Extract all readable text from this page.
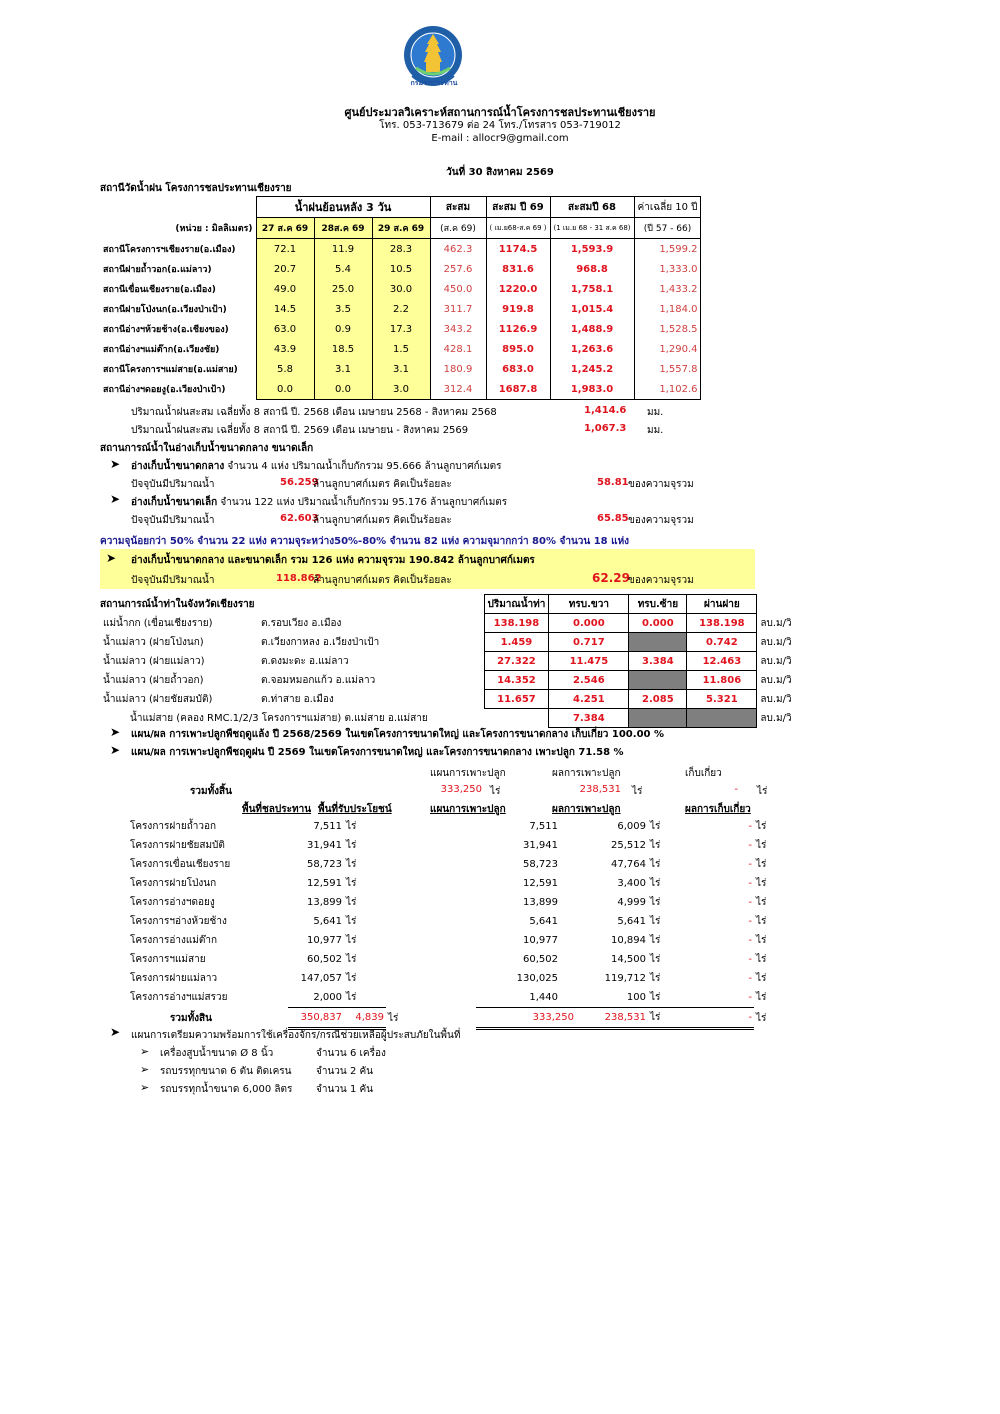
กรมชลประทาน
ศูนย์ประมวลวิเคราะห์สถานการณ์น้ำโครงการชลประทานเชียงราย
โทร. 053-713679 ต่อ 24 โทร./โทรสาร 053-719012
E-mail : allocr9@gmail.com
วันที่ 30 สิงหาคม 2569
สถานีวัดน้ำฝน โครงการชลประทานเชียงราย
	น้ำฝนย้อนหลัง 3 วัน			สะสม	สะสม ปี 69	สะสมปี 68	ค่าเฉลี่ย 10 ปี
(หน่วย : มิลลิเมตร)	27 ส.ค 69	28ส.ค 69	29 ส.ค 69	(ส.ค 69)	( เม.ย68-ส.ค 69 )	(1 เม.ย 68 - 31 ส.ค 68)	(ปี 57 - 66)
สถานีโครงการฯเชียงราย(อ.เมือง)	72.1	11.9	28.3	462.3	1174.5	1,593.9	1,599.2
สถานีฝายถ้ำวอก(อ.แม่ลาว)	20.7	5.4	10.5	257.6	831.6	968.8	1,333.0
สถานีเขื่อนเชียงราย(อ.เมือง)	49.0	25.0	30.0	450.0	1220.0	1,758.1	1,433.2
สถานีฝายโป่งนก(อ.เวียงป่าเป้า)	14.5	3.5	2.2	311.7	919.8	1,015.4	1,184.0
สถานีอ่างฯห้วยช้าง(อ.เชียงของ)	63.0	0.9	17.3	343.2	1126.9	1,488.9	1,528.5
สถานีอ่างฯแม่ต๊าก(อ.เวียงชัย)	43.9	18.5	1.5	428.1	895.0	1,263.6	1,290.4
สถานีโครงการฯแม่สาย(อ.แม่สาย)	5.8	3.1	3.1	180.9	683.0	1,245.2	1,557.8
สถานีอ่างฯดอยงู(อ.เวียงป่าเป้า)	0.0	0.0	3.0	312.4	1687.8	1,983.0	1,102.6
ปริมาณน้ำฝนสะสม เฉลี่ยทั้ง 8 สถานี ปี. 2568 เดือน เมษายน 2568 - สิงหาคม 2568	1,414.6 มม.
ปริมาณน้ำฝนสะสม เฉลี่ยทั้ง 8 สถานี ปี. 2569 เดือน เมษายน - สิงหาคม 2569	1,067.3 มม.
สถานการณ์น้ำในอ่างเก็บน้ำขนาดกลาง ขนาดเล็ก
➤ อ่างเก็บน้ำขนาดกลาง จำนวน 4 แห่ง ปริมาณน้ำเก็บกักรวม 95.666 ล้านลูกบาศก์เมตร
ปัจจุบันมีปริมาณน้ำ	56.259
ล้านลูกบาศก์เมตร คิดเป็นร้อยละ	58.81 ของความจุรวม
➤ อ่างเก็บน้ำขนาดเล็ก จำนวน 122 แห่ง ปริมาณน้ำเก็บกักรวม 95.176 ล้านลูกบาศก์เมตร
ปัจจุบันมีปริมาณน้ำ	62.603
ล้านลูกบาศก์เมตร คิดเป็นร้อยละ	65.85 ของความจุรวม
ความจุน้อยกว่า 50% จำนวน 22 แห่ง ความจุระหว่าง50%-80% จำนวน 82 แห่ง ความจุมากกว่า 80% จำนวน 18 แห่ง
➤ อ่างเก็บน้ำขนาดกลาง และขนาดเล็ก รวม 126 แห่ง ความจุรวม 190.842 ล้านลูกบาศก์เมตร
ปัจจุบันมีปริมาณน้ำ	118.862
ล้านลูกบาศก์เมตร คิดเป็นร้อยละ	62.29
ของความจุรวม
สถานการณ์น้ำท่าในจังหวัดเชียงราย
			ปริมาณน้ำท่า	ทรบ.ขวา	ทรบ.ซ้าย	ผ่านฝาย	
แม่น้ำกก (เขื่อนเชียงราย)	ต.รอบเวียง อ.เมือง	138.198	0.000	0.000	138.198	ลบ.ม/วิ
น้ำแม่ลาว (ฝายโป่งนก)	ต.เวียงกาหลง อ.เวียงป่าเป้า	1.459	0.717		0.742	ลบ.ม/วิ
น้ำแม่ลาว (ฝายแม่ลาว)	ต.ดงมะดะ อ.แม่ลาว	27.322	11.475	3.384	12.463	ลบ.ม/วิ
น้ำแม่ลาว (ฝายถ้ำวอก)	ต.จอมหมอกแก้ว อ.แม่ลาว	14.352	2.546		11.806	ลบ.ม/วิ
น้ำแม่ลาว (ฝายชัยสมบัติ)	ต.ท่าสาย อ.เมือง	11.657	4.251	2.085	5.321	ลบ.ม/วิ
น้ำแม่สาย (คลอง RMC.1/2/3 โครงการฯแม่สาย) ต.แม่สาย อ.แม่สาย			7.384			ลบ.ม/วิ
➤ แผน/ผล การเพาะปลูกพืชฤดูแล้ง ปี 2568/2569 ในเขตโครงการขนาดใหญ่ และโครงการขนาดกลาง เก็บเกี่ยว 100.00 %
➤ แผน/ผล การเพาะปลูกพืชฤดูฝน ปี 2569 ในเขตโครงการขนาดใหญ่ และโครงการขนาดกลาง เพาะปลูก 71.58 %
แผนการเพาะปลูก	ผลการเพาะปลูก	เก็บเกี่ยว
รวมทั้งสิ้น	333,250 ไร่	238,531 ไร่	- ไร่
พื้นที่ชลประทาน พื้นที่รับประโยชน์	แผนการเพาะปลูก	ผลการเพาะปลูก	ผลการเก็บเกี่ยว
โครงการฝายถ้ำวอก		7,511	ไร่			7,511	6,009	ไร่	-	ไร่
โครงการฝายชัยสมบัติ		31,941	ไร่			31,941	25,512	ไร่	-	ไร่
โครงการเขื่อนเชียงราย		58,723	ไร่			58,723	47,764	ไร่	-	ไร่
โครงการฝายโป่งนก		12,591	ไร่			12,591	3,400	ไร่	-	ไร่
โครงการอ่างฯดอยงู		13,899	ไร่			13,899	4,999	ไร่	-	ไร่
โครงการฯอ่างห้วยช้าง		5,641	ไร่			5,641	5,641	ไร่	-	ไร่
โครงการอ่างแม่ต๊าก		10,977	ไร่			10,977	10,894	ไร่	-	ไร่
โครงการฯแม่สาย		60,502	ไร่			60,502	14,500	ไร่	-	ไร่
โครงการฝายแม่ลาว		147,057	ไร่			130,025	119,712	ไร่	-	ไร่
โครงการอ่างฯแม่สรวย		2,000	ไร่			1,440	100	ไร่	-	ไร่
รวมทั้งสิน		350,837	4,839	ไร่		333,250	238,531	ไร่	-	ไร่
➤ แผนการเตรียมความพร้อมการใช้เครื่องจักร/กรณีช่วยเหลือผู้ประสบภัยในพื้นที่
➢ เครื่องสูบน้ำขนาด Ø 8 นิ้ว	จำนวน 6 เครื่อง
➢ รถบรรทุกขนาด 6 ตัน ติดเครน จำนวน 2 คัน
➢ รถบรรทุกน้ำขนาด 6,000 ลิตร จำนวน 1 คัน
